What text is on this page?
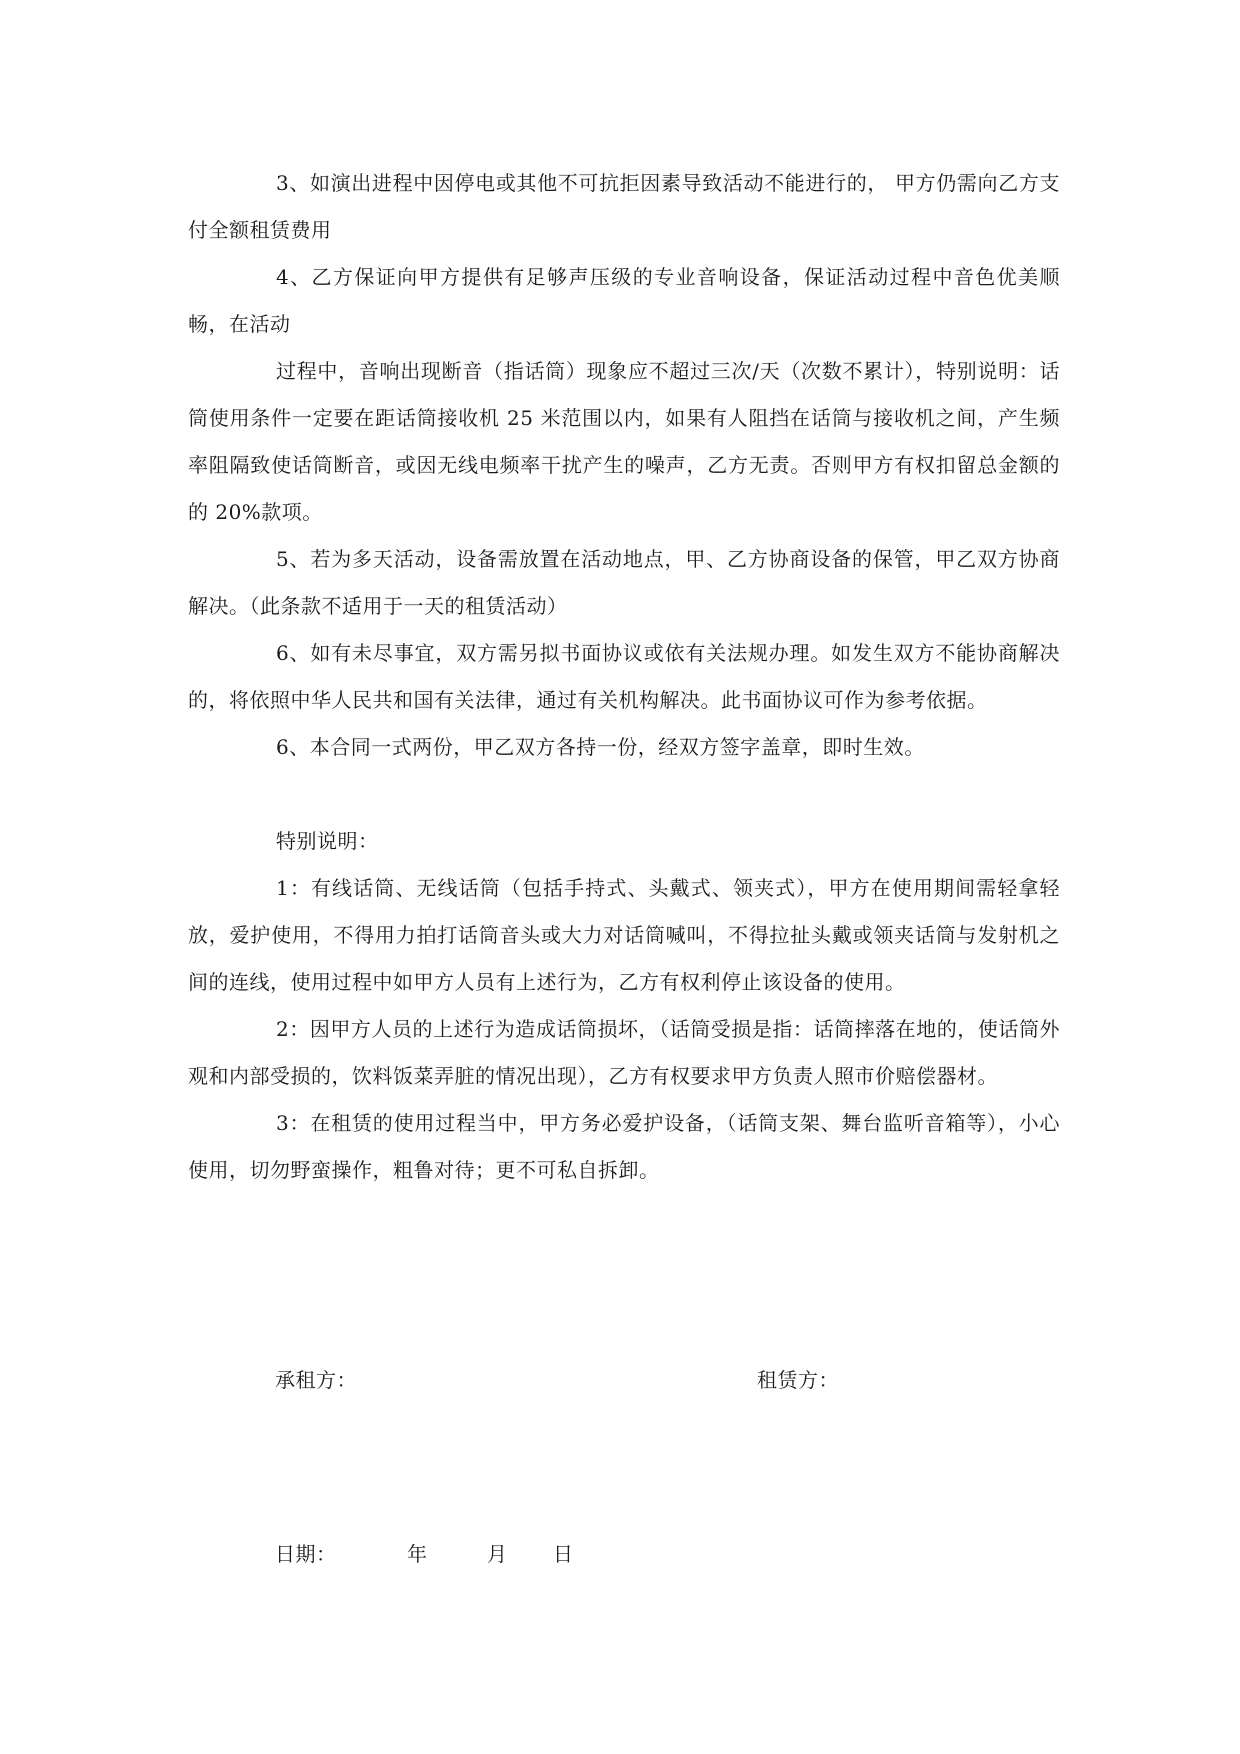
3、如演出进程中因停电或其他不可抗拒因素导致活动不能进行的， 甲方仍需向乙方支付全额租赁费用

4、乙方保证向甲方提供有足够声压级的专业音响设备，保证活动过程中音色优美顺畅，在活动

过程中，音响出现断音（指话筒）现象应不超过三次/天（次数不累计），特别说明：话筒使用条件一定要在距话筒接收机 25 米范围以内，如果有人阻挡在话筒与接收机之间，产生频率阻隔致使话筒断音，或因无线电频率干扰产生的噪声，乙方无责。否则甲方有权扣留总金额的的 20%款项。

5、若为多天活动，设备需放置在活动地点，甲、乙方协商设备的保管，甲乙双方协商解决。（此条款不适用于一天的租赁活动）

6、如有未尽事宜，双方需另拟书面协议或依有关法规办理。如发生双方不能协商解决的，将依照中华人民共和国有关法律，通过有关机构解决。此书面协议可作为参考依据。

6、本合同一式两份，甲乙双方各持一份，经双方签字盖章，即时生效。

特别说明：

1：有线话筒、无线话筒（包括手持式、头戴式、领夹式），甲方在使用期间需轻拿轻放，爱护使用，不得用力拍打话筒音头或大力对话筒喊叫，不得拉扯头戴或领夹话筒与发射机之间的连线，使用过程中如甲方人员有上述行为，乙方有权利停止该设备的使用。

2：因甲方人员的上述行为造成话筒损坏，（话筒受损是指：话筒摔落在地的，使话筒外观和内部受损的，饮料饭菜弄脏的情况出现），乙方有权要求甲方负责人照市价赔偿器材。

3：在租赁的使用过程当中，甲方务必爱护设备，（话筒支架、舞台监听音箱等），小心使用，切勿野蛮操作，粗鲁对待；更不可私自拆卸。

承租方：	租赁方：
日期：	年	月 日
